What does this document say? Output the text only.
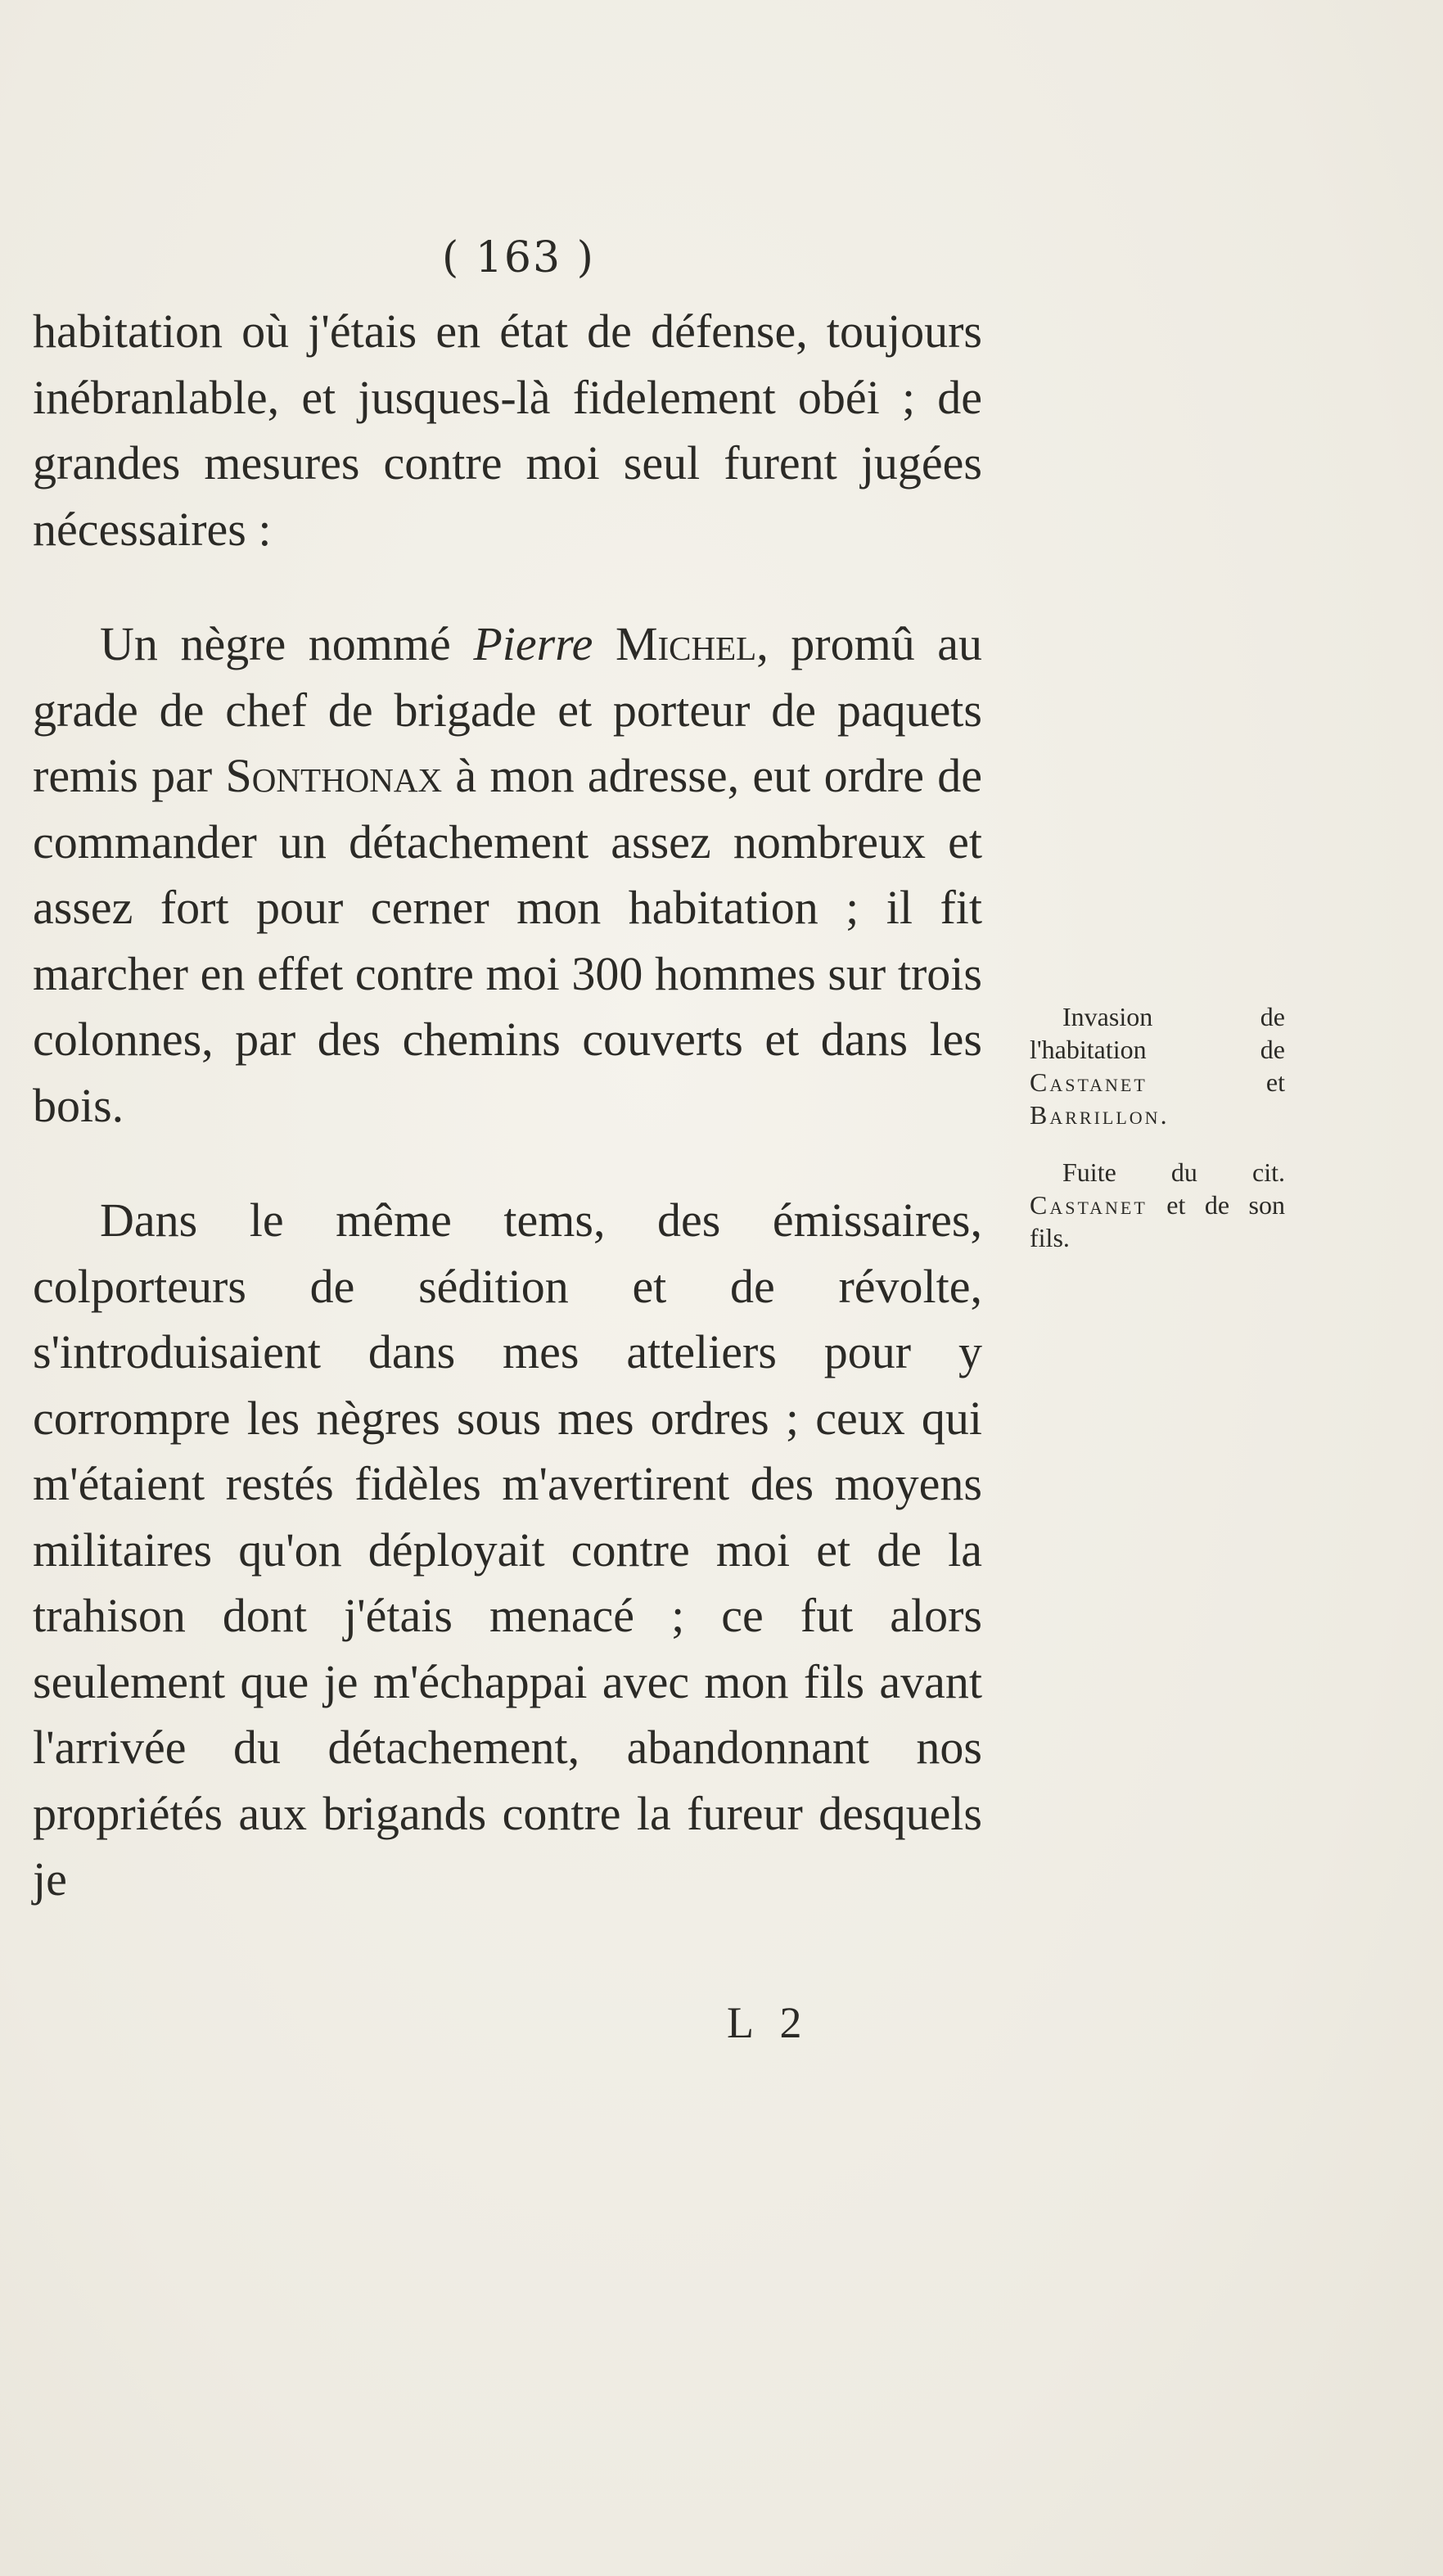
( 163 )

habitation où j'étais en état de défense, toujours inébranlable, et jusques-là fidelement obéi ; de grandes mesures contre moi seul furent jugées nécessaires :

Un nègre nommé Pierre Michel, promû au grade de chef de brigade et porteur de paquets remis par Sonthonax à mon adresse, eut ordre de commander un détachement assez nombreux et assez fort pour cerner mon habitation ; il fit marcher en effet contre moi 300 hommes sur trois colonnes, par des chemins couverts et dans les bois.

Dans le même tems, des émissaires, colporteurs de sédition et de révolte, s'introduisaient dans mes atteliers pour y corrompre les nègres sous mes ordres ; ceux qui m'étaient restés fidèles m'avertirent des moyens militaires qu'on déployait contre moi et de la trahison dont j'étais menacé ; ce fut alors seulement que je m'échappai avec mon fils avant l'arrivée du détachement, abandonnant nos propriétés aux brigands contre la fureur desquels je

L 2

Invasion de l'habitation de Castanet et Barrillon.

Fuite du cit. Castanet et de son fils.
